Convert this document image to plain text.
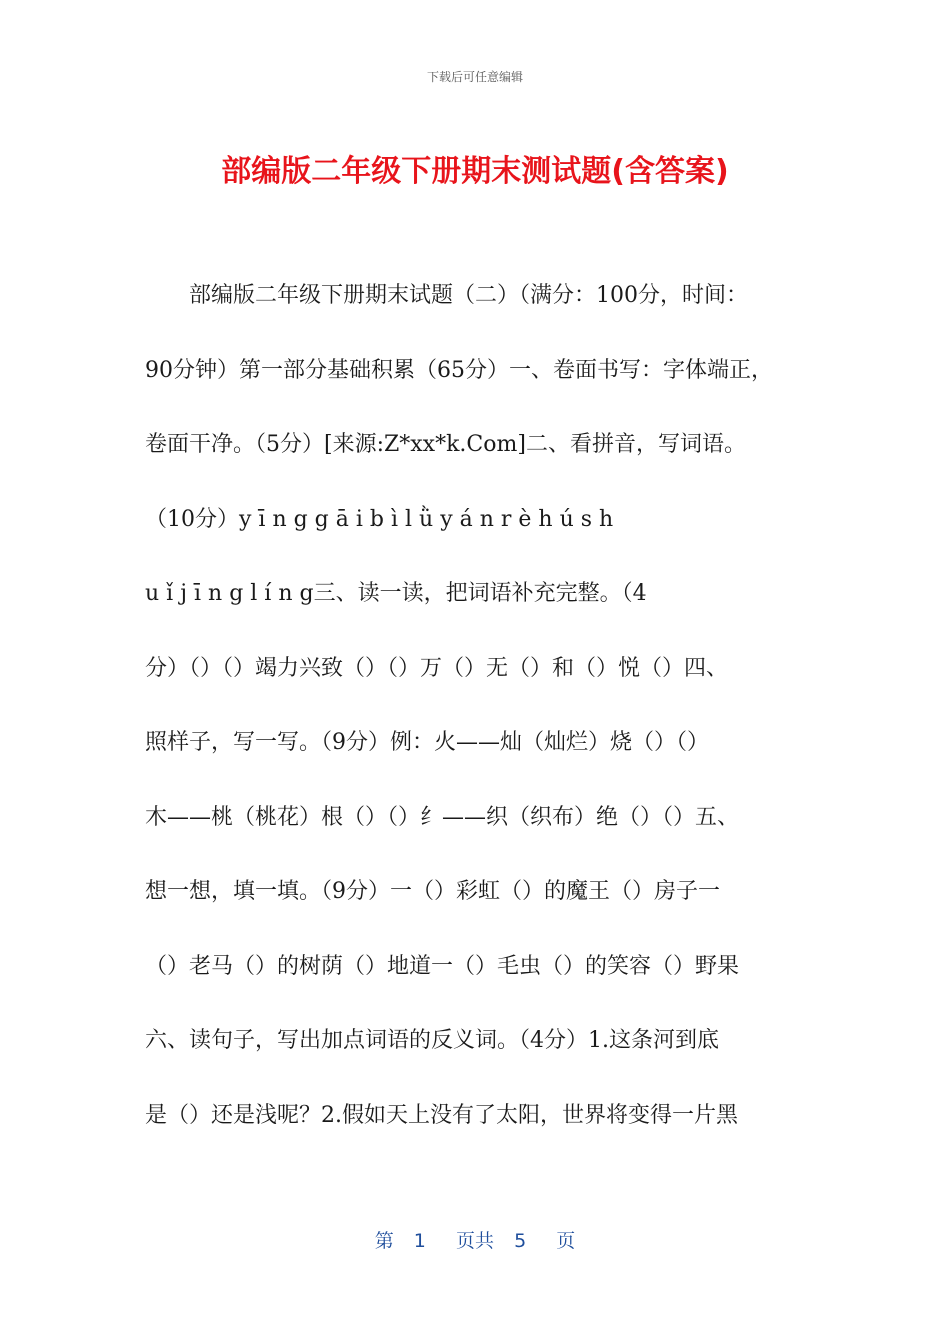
下载后可任意编辑
部编版二年级下册期末测试题(含答案)
　　部编版二年级下册期末试题（二）（满分：100分，时间：
90分钟）第一部分基础积累（65分）一、卷面书写：字体端正，
卷面干净。（5分）[来源:Z*xx*k.Com]二、看拼音，写词语。
（10分）y ī n g g ā i b ì l ǜ y á n r è h ú s h
u ǐ j ī n g l í n g三、读一读，把词语补充完整。（4
分）（）（）竭力兴致（）（）万（）无（）和（）悦（）四、
照样子，写一写。（9分）例：火——灿（灿烂）烧（）（）
木——桃（桃花）根（）（）纟——织（织布）绝（）（）五、
想一想，填一填。（9分）一（）彩虹（）的魔王（）房子一
（）老马（）的树荫（）地道一（）毛虫（）的笑容（）野果
六、读句子，写出加点词语的反义词。（4分）1.这条河到底
是（）还是浅呢？2.假如天上没有了太阳，世界将变得一片黑
第  1   页共  5   页
